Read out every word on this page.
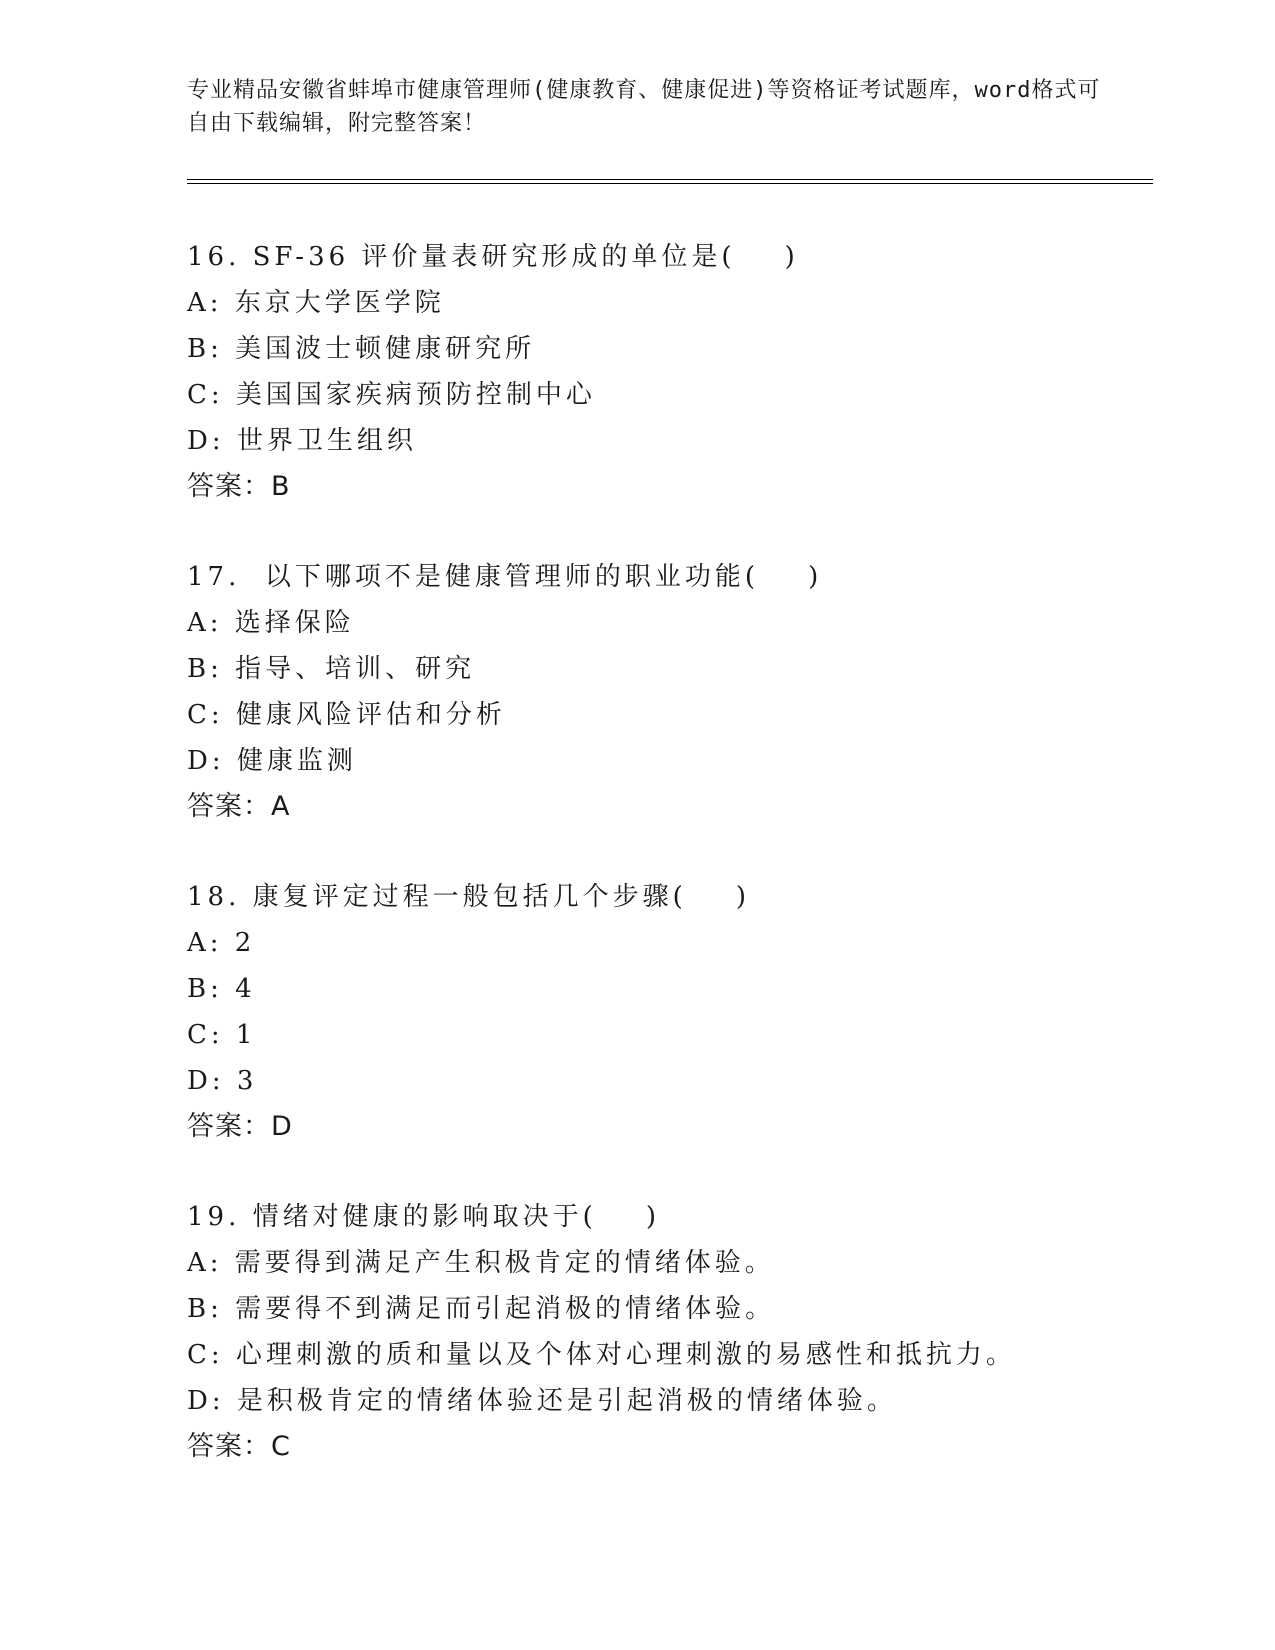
专业精品安徽省蚌埠市健康管理师(健康教育、健康促进)等资格证考试题库，word格式可自由下载编辑，附完整答案！
16. SF-36 评价量表研究形成的单位是(    )
A: 东京大学医学院
B: 美国波士顿健康研究所
C: 美国国家疾病预防控制中心
D: 世界卫生组织
答案：B
17.  以下哪项不是健康管理师的职业功能(    )
A: 选择保险
B: 指导、培训、研究
C: 健康风险评估和分析
D: 健康监测
答案：A
18. 康复评定过程一般包括几个步骤(    )
A: 2
B: 4
C: 1
D: 3
答案：D
19. 情绪对健康的影响取决于(    )
A: 需要得到满足产生积极肯定的情绪体验。
B: 需要得不到满足而引起消极的情绪体验。
C: 心理刺激的质和量以及个体对心理刺激的易感性和抵抗力。
D: 是积极肯定的情绪体验还是引起消极的情绪体验。
答案：C
